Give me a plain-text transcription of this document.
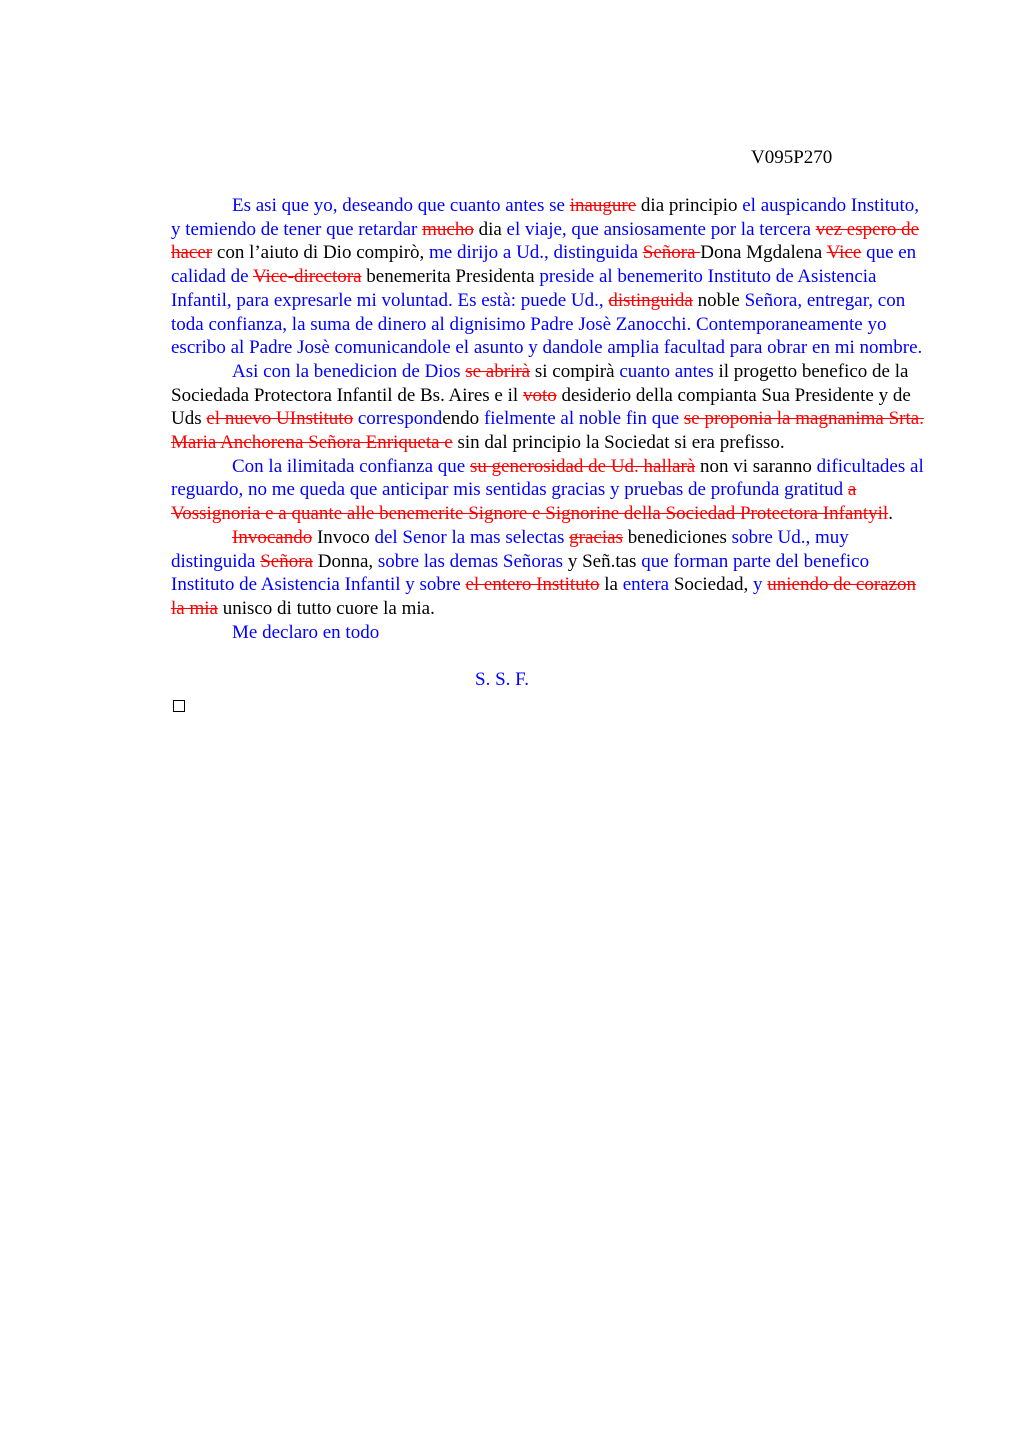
V095P270

Es asi que yo, deseando que cuanto antes se inaugure dia principio el auspicando Instituto, y temiendo de tener que retardar mucho dia el viaje, que ansiosamente por la tercera vez espero de hacer con l’aiuto di Dio compirò, me dirijo a Ud., distinguida Señora Dona Mgdalena Vice que en calidad de Vice-directora benemerita Presidenta preside al benemerito Instituto de Asistencia Infantil, para expresarle mi voluntad. Es està: puede Ud., distinguida noble Señora, entregar, con toda confianza, la suma de dinero al dignisimo Padre Josè Zanocchi. Contemporaneamente yo escribo al Padre Josè comunicandole el asunto y dandole amplia facultad para obrar en mi nombre.

Asi con la benedicion de Dios se abrirà si compirà cuanto antes il progetto benefico de la Sociedada Protectora Infantil de Bs. Aires e il voto desiderio della compianta Sua Presidente y de Uds el nuevo UInstituto correspondendo fielmente al noble fin que se proponia la magnanima Srta. Maria Anchorena Señora Enriqueta e sin dal principio la Sociedat si era prefisso.

Con la ilimitada confianza que su generosidad de Ud. hallarà non vi saranno dificultades al reguardo, no me queda que anticipar mis sentidas gracias y pruebas de profunda gratitud a Vossignoria e a quante alle benemerite Signore e Signorine della Sociedad Protectora Infantyil.

Invocando Invoco del Senor la mas selectas gracias benediciones sobre Ud., muy distinguida Señora Donna, sobre las demas Señoras y Señ.tas que forman parte del benefico Instituto de Asistencia Infantil y sobre el entero Instituto la entera Sociedad, y uniendo de corazon la mia unisco di tutto cuore la mia.

Me declaro en todo

S. S. F.
